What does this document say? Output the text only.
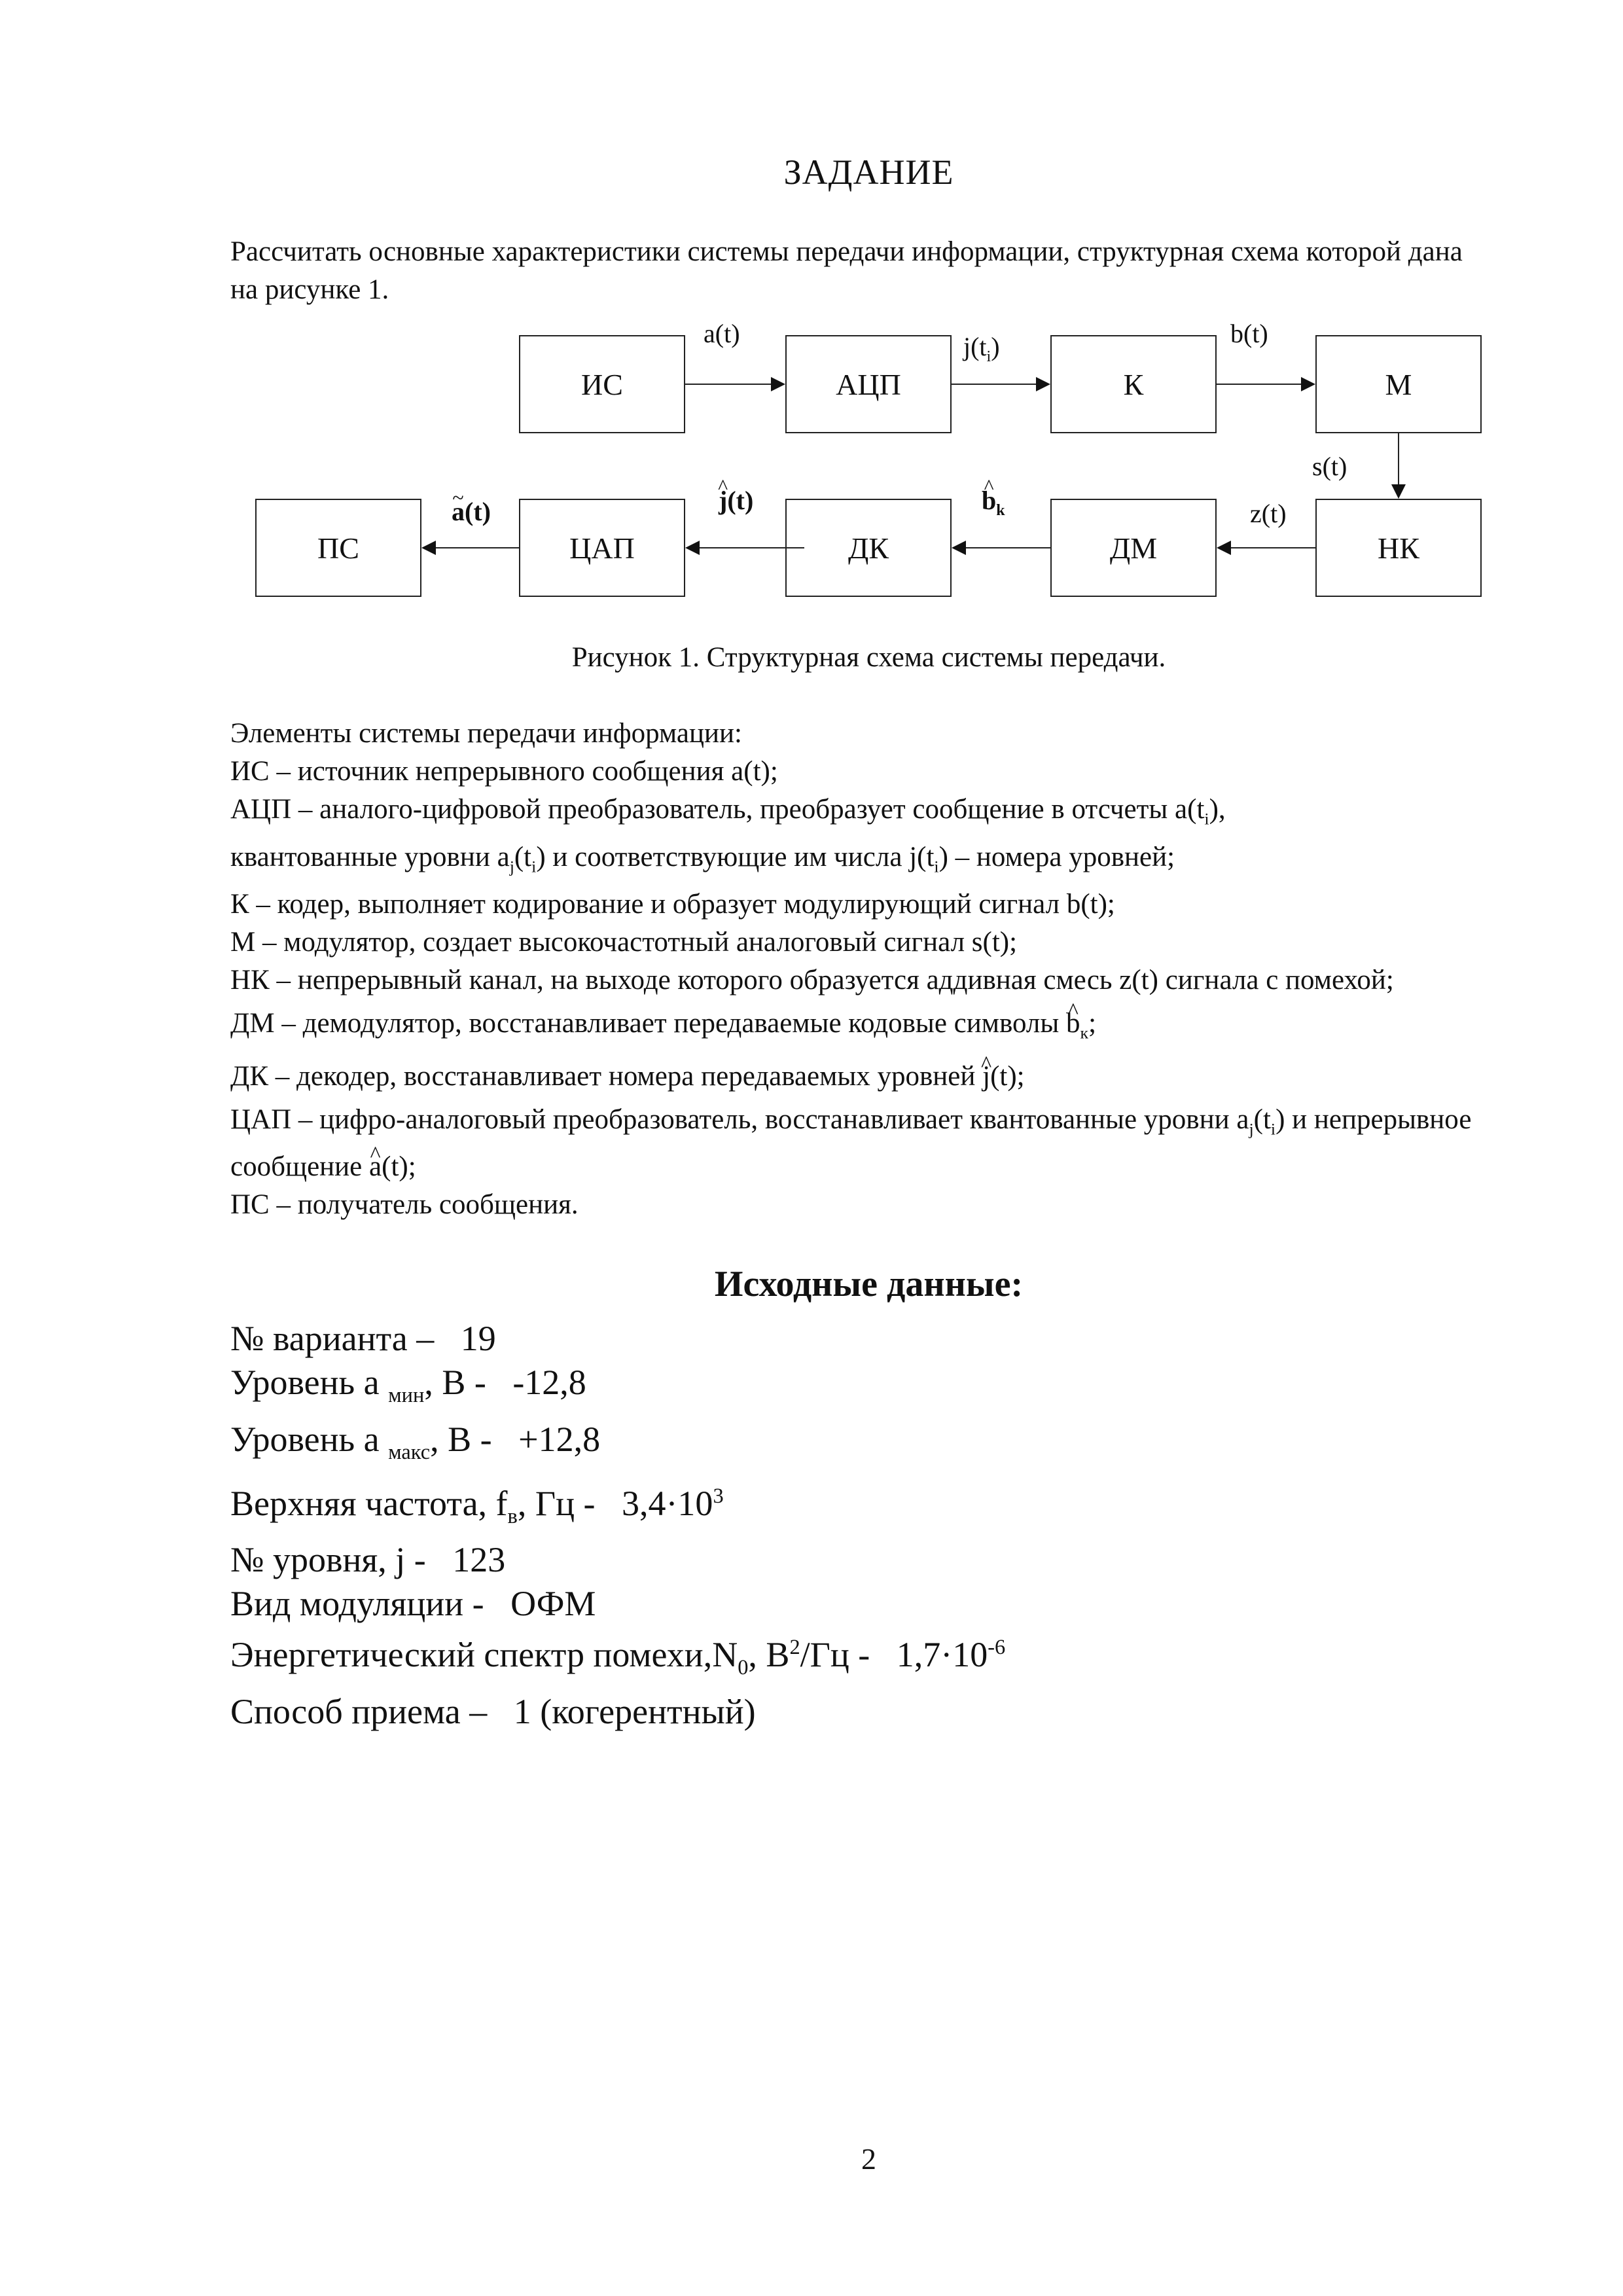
ЗАДАНИЕ
Рассчитать основные характеристики системы передачи информации, структурная схема которой дана на рисунке 1.
ИС	АЦП	К	М
ПС	ЦАП	ДК	ДМ	НК
a(t)	$j(t_i)$	b(t)
s(t)
z(t)
^ $b_k$
^ j(t)
~ a(t)
Рисунок 1. Структурная схема системы передачи.
Элементы системы передачи информации:
ИС – источник непрерывного сообщения a(t);
АЦП – аналого-цифровой преобразователь, преобразует сообщение в отсчеты $a(t_i)$,
квантованные уровни $a_j(t_i)$ и соответствующие им числа $j(t_i)$ – номера уровней;
К – кодер, выполняет кодирование и образует модулирующий сигнал b(t);
М – модулятор, создает высокочастотный аналоговый сигнал s(t);
НК – непрерывный канал, на выходе которого образуется аддивная смесь z(t) сигнала с помехой;
ДМ – демодулятор, восстанавливает передаваемые кодовые символы ^ $b_к$;
ДК – декодер, восстанавливает номера передаваемых уровней ^ j(t);
ЦАП – цифро-аналоговый преобразователь, восстанавливает квантованные уровни $a_j(t_i)$ и непрерывное сообщение ^ a(t);
ПС – получатель сообщения.
Исходные данные:
№ варианта –   19
Уровень a $_{мин}$, В -   -12,8
Уровень a $_{макс}$, В -   +12,8
Верхняя частота, $f_в$, Гц -   $3,4\cdot 10^3$
№ уровня, j -   123
Вид модуляции -   ОФМ
Энергетический спектр $помехи,N_0$, $В^2/Гц - 1,7\cdot 10^{-6}$
Способ приема –   1 (когерентный)
2
